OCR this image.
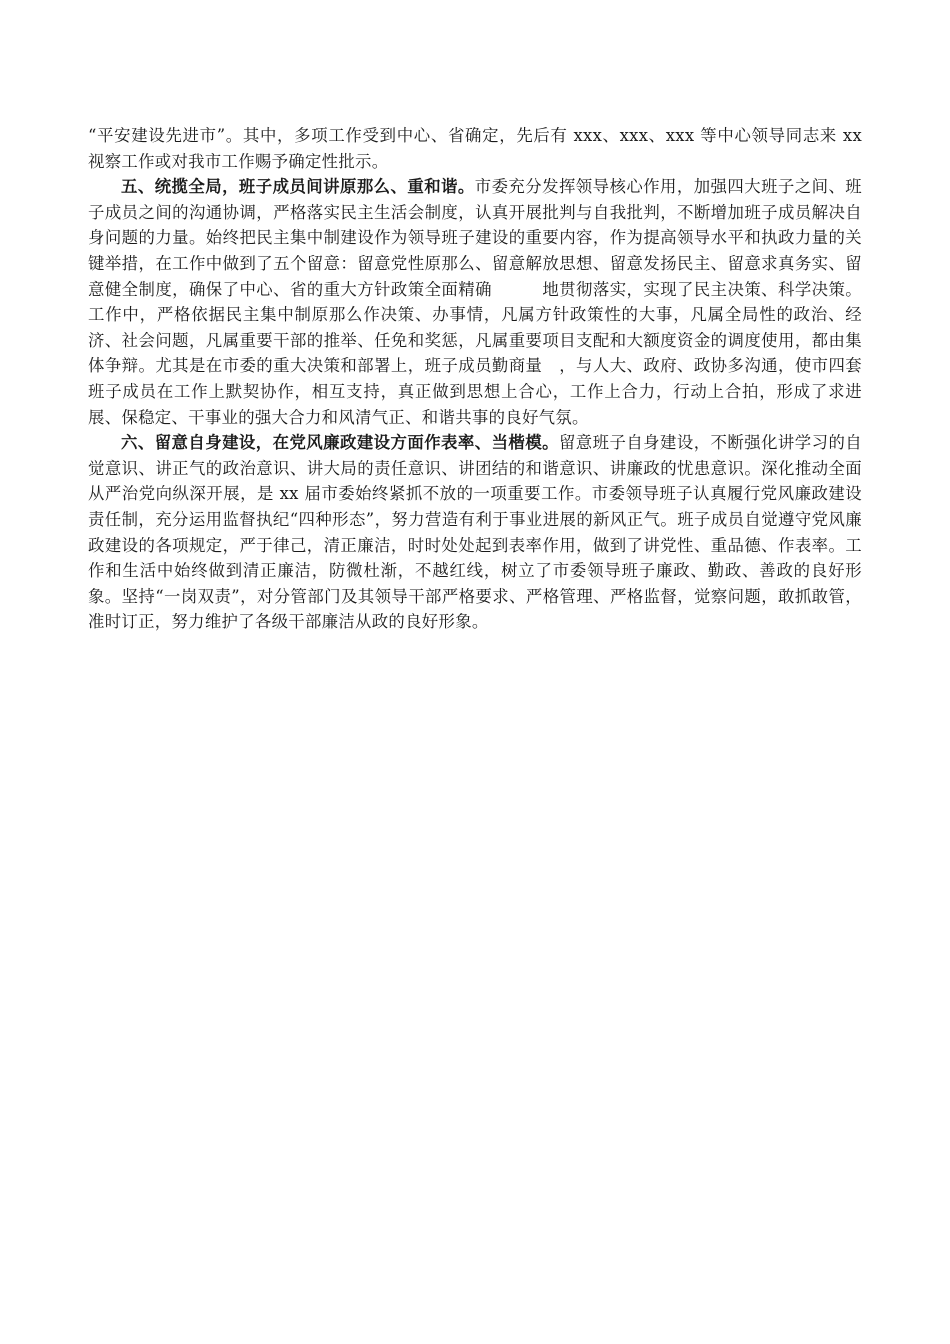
“平安建设先进市”。其中，多项工作受到中心、省确定，先后有 xxx、xxx、xxx 等中心领导同志来 xx 视察工作或对我市工作赐予确定性批示。

五、统揽全局，班子成员间讲原那么、重和谐。市委充分发挥领导核心作用，加强四大班子之间、班子成员之间的沟通协调，严格落实民主生活会制度，认真开展批判与自我批判，不断增加班子成员解决自身问题的力量。始终把民主集中制建设作为领导班子建设的重要内容，作为提高领导水平和执政力量的关键举措，在工作中做到了五个留意：留意党性原那么、留意解放思想、留意发扬民主、留意求真务实、留意健全制度，确保了中心、省的重大方针政策全面精确　　　地贯彻落实，实现了民主决策、科学决策。工作中，严格依据民主集中制原那么作决策、办事情，凡属方针政策性的大事，凡属全局性的政治、经济、社会问题，凡属重要干部的推举、任免和奖惩，凡属重要项目支配和大额度资金的调度使用，都由集体争辩。尤其是在市委的重大决策和部署上，班子成员勤商量　，与人大、政府、政协多沟通，使市四套班子成员在工作上默契协作，相互支持，真正做到思想上合心，工作上合力，行动上合拍，形成了求进展、保稳定、干事业的强大合力和风清气正、和谐共事的良好气氛。

六、留意自身建设，在党风廉政建设方面作表率、当楷模。留意班子自身建设，不断强化讲学习的自觉意识、讲正气的政治意识、讲大局的责任意识、讲团结的和谐意识、讲廉政的忧患意识。深化推动全面从严治党向纵深开展，是 xx 届市委始终紧抓不放的一项重要工作。市委领导班子认真履行党风廉政建设责任制，充分运用监督执纪“四种形态”，努力营造有利于事业进展的新风正气。班子成员自觉遵守党风廉政建设的各项规定，严于律己，清正廉洁，时时处处起到表率作用，做到了讲党性、重品德、作表率。工作和生活中始终做到清正廉洁，防微杜渐，不越红线，树立了市委领导班子廉政、勤政、善政的良好形象。坚持“一岗双责”，对分管部门及其领导干部严格要求、严格管理、严格监督，觉察问题，敢抓敢管，准时订正，努力维护了各级干部廉洁从政的良好形象。
